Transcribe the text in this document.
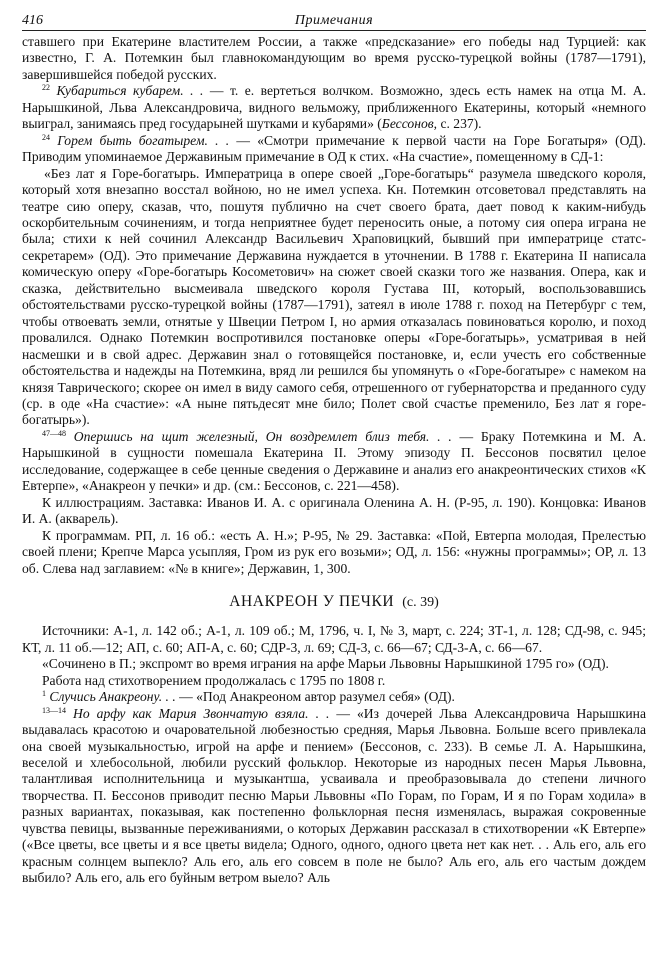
416	Примечания

ставшего при Екатерине властителем России, а также «предсказание» его победы над Турцией: как известно, Г. А. Потемкин был главнокомандующим во время русско-турецкой войны (1787—1791), завершившейся победой русских.

$^{22}$ Кубариться кубарем. . . — т. е. вертеться волчком. Возможно, здесь есть намек на отца М. А. Нарышкиной, Льва Александровича, видного вельможу, приближенного Екатерины, который «немного выиграл, занимаясь пред государыней шутками и кубарями» (Бессонов, с. 237).

$^{24}$ Горем быть богатырем. . . — «Смотри примечание к первой части на Горе Богатыря» (ОД). Приводим упоминаемое Державиным примечание в ОД к стих. «На счастие», помещенному в СД-1:

«Без лат я Горе-богатырь. Императрица в опере своей „Горе-богатырь“ разумела шведского короля, который хотя внезапно восстал войною, но не имел успеха. Кн. Потемкин отсоветовал представлять на театре сию оперу, сказав, что, пошутя публично на счет своего брата, дает повод к каким-нибудь оскорбительным сочинениям, и тогда неприятнее будет переносить оные, а потому сия опера играна не была; стихи к ней сочинил Александр Васильевич Храповицкий, бывший при императрице статс-секретарем» (ОД). Это примечание Державина нуждается в уточнении. В 1788 г. Екатерина II написала комическую оперу «Горе-богатырь Косометович» на сюжет своей сказки того же названия. Опера, как и сказка, действительно высмеивала шведского короля Густава III, который, воспользовавшись обстоятельствами русско-турецкой войны (1787—1791), затеял в июле 1788 г. поход на Петербург с тем, чтобы отвоевать земли, отнятые у Швеции Петром I, но армия отказалась повиноваться королю, и поход провалился. Однако Потемкин воспротивился постановке оперы «Горе-богатырь», усматривая в ней насмешки и в свой адрес. Державин знал о готовящейся постановке, и, если учесть его собственные обстоятельства и надежды на Потемкина, вряд ли решился бы упомянуть о «Горе-богатыре» с намеком на князя Таврического; скорее он имел в виду самого себя, отрешенного от губернаторства и преданного суду (ср. в оде «На счастие»: «А ныне пятьдесят мне било; Полет свой счастье пременило, Без лат я горе-богатырь»).

$^{47—48}$ Опершись на щит железный, Он воздремлет близ тебя. . . — Браку Потемкина и М. А. Нарышкиной в сущности помешала Екатерина II. Этому эпизоду П. Бессонов посвятил целое исследование, содержащее в себе ценные сведения о Державине и анализ его анакреонтических стихов «К Евтерпе», «Анакреон у печки» и др. (см.: Бессонов, с. 221—458).

К иллюстрациям. Заставка: Иванов И. А. с оригинала Оленина А. Н. (Р-95, л. 190). Концовка: Иванов И. А. (акварель).

К программам. РП, л. 16 об.: «есть А. Н.»; Р-95, № 29. Заставка: «Пой, Евтерпа молодая, Прелестью своей плени; Крепче Марса усыпляя, Гром из рук его возьми»; ОД, л. 156: «нужны программы»; ОР, л. 13 об. Слева над заглавием: «№ в книге»; Державин, 1, 300.

АНАКРЕОН У ПЕЧКИ (с. 39)

Источники: А-1, л. 142 об.; А-1, л. 109 об.; М, 1796, ч. I, № 3, март, с. 224; ЗТ-1, л. 128; СД-98, с. 945; КТ, л. 11 об.—12; АП, с. 60; АП-А, с. 60; СДР-3, л. 69; СД-3, с. 66—67; СД-3-А, с. 66—67.

«Сочинено в П.; экспромт во время играния на арфе Марьи Львовны Нарышкиной 1795 го» (ОД).

Работа над стихотворением продолжалась с 1795 по 1808 г.

$^1$ Случись Анакреону. . . — «Под Анакреоном автор разумел себя» (ОД).

$^{13—14}$ Но арфу как Мария Звончатую взяла. . . — «Из дочерей Льва Александровича Нарышкина выдавалась красотою и очаровательной любезностью средняя, Марья Львовна. Больше всего привлекала она своей музыкальностью, игрой на арфе и пением» (Бессонов, с. 233). В семье Л. А. Нарышкина, веселой и хлебосольной, любили русский фольклор. Некоторые из народных песен Марья Львовна, талантливая исполнительница и музыкантша, усваивала и преобразовывала до степени личного творчества. П. Бессонов приводит песню Марьи Львовны «По Горам, по Горам, И я по Горам ходила» в разных вариантах, показывая, как постепенно фольклорная песня изменялась, выражая сокровенные чувства певицы, вызванные переживаниями, о которых Державин рассказал в стихотворении «К Евтерпе» («Все цветы, все цветы и я все цветы видела; Одного, одного, одного цвета нет как нет. . . Аль его, аль его красным солнцем выпекло? Аль его, аль его совсем в поле не было? Аль его, аль его частым дождем выбило? Аль его, аль его буйным ветром выело? Аль
